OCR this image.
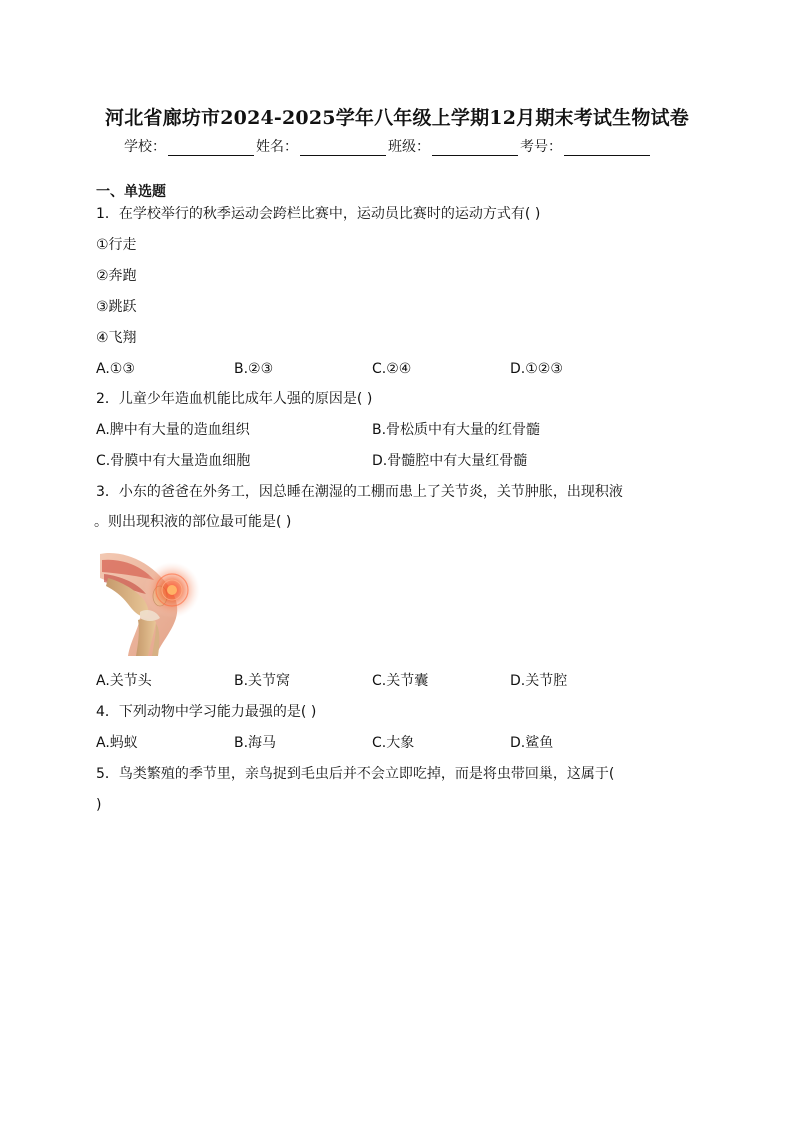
河北省廊坊市2024-2025学年八年级上学期12月期末考试生物试卷
学校：	姓名：	班级：	考号：
一、单选题
1．在学校举行的秋季运动会跨栏比赛中，运动员比赛时的运动方式有( )
①行走
②奔跑
③跳跃
④飞翔
A.①③	B.②③	C.②④	D.①②③
2．儿童少年造血机能比成年人强的原因是( )
A.脾中有大量的造血组织	B.骨松质中有大量的红骨髓
C.骨膜中有大量造血细胞	D.骨髓腔中有大量红骨髓
3．小东的爸爸在外务工，因总睡在潮湿的工棚而患上了关节炎，关节肿胀，出现积液
。则出现积液的部位最可能是( )
A.关节头	B.关节窝	C.关节囊	D.关节腔
4．下列动物中学习能力最强的是( )
A.蚂蚁	B.海马	C.大象	D.鲨鱼
5．鸟类繁殖的季节里，亲鸟捉到毛虫后并不会立即吃掉，而是将虫带回巢，这属于(
)
